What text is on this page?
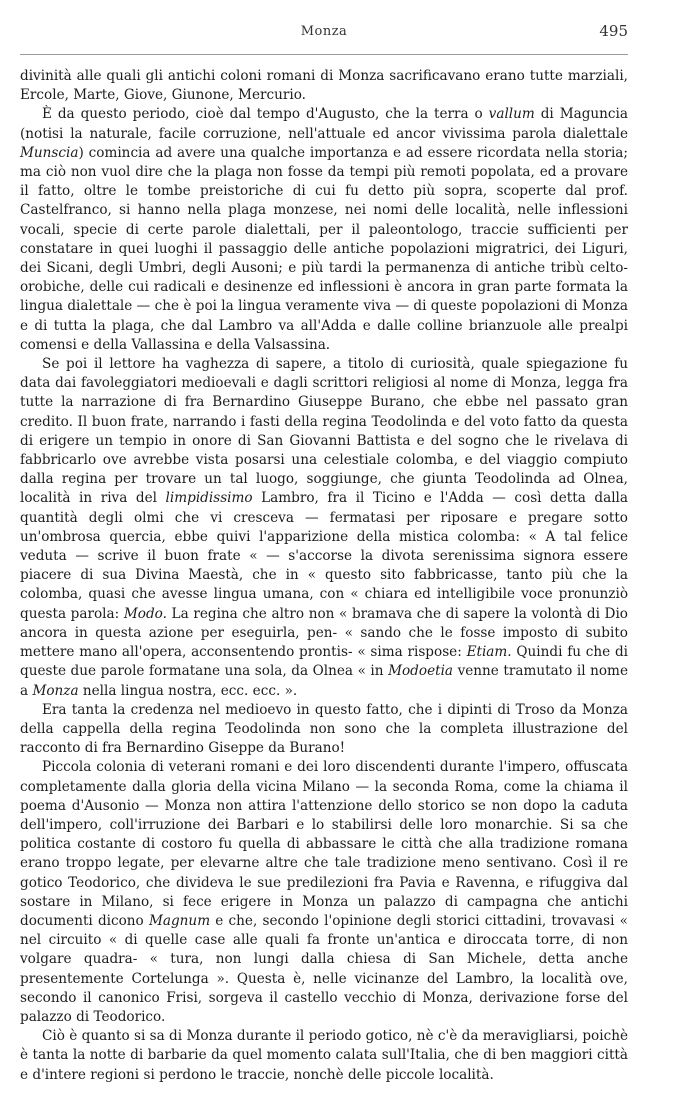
Monza	495

divinità alle quali gli antichi coloni romani di Monza sacrificavano erano tutte marziali, Ercole, Marte, Giove, Giunone, Mercurio.

È da questo periodo, cioè dal tempo d'Augusto, che la terra o vallum di Maguncia (notisi la naturale, facile corruzione, nell'attuale ed ancor vivissima parola dialettale Munscia) comincia ad avere una qualche importanza e ad essere ricordata nella storia; ma ciò non vuol dire che la plaga non fosse da tempi più remoti popolata, ed a provare il fatto, oltre le tombe preistoriche di cui fu detto più sopra, scoperte dal prof. Castelfranco, si hanno nella plaga monzese, nei nomi delle località, nelle inflessioni vocali, specie di certe parole dialettali, per il paleontologo, traccie sufficienti per constatare in quei luoghi il passaggio delle antiche popolazioni migratrici, dei Liguri, dei Sicani, degli Umbri, degli Ausoni; e più tardi la permanenza di antiche tribù celto-orobiche, delle cui radicali e desinenze ed inflessioni è ancora in gran parte formata la lingua dialettale — che è poi la lingua veramente viva — di queste popolazioni di Monza e di tutta la plaga, che dal Lambro va all'Adda e dalle colline brianzuole alle prealpi comensi e della Vallassina e della Valsassina.

Se poi il lettore ha vaghezza di sapere, a titolo di curiosità, quale spiegazione fu data dai favoleggiatori medioevali e dagli scrittori religiosi al nome di Monza, legga fra tutte la narrazione di fra Bernardino Giuseppe Burano, che ebbe nel passato gran credito. Il buon frate, narrando i fasti della regina Teodolinda e del voto fatto da questa di erigere un tempio in onore di San Giovanni Battista e del sogno che le rivelava di fabbricarlo ove avrebbe vista posarsi una celestiale colomba, e del viaggio compiuto dalla regina per trovare un tal luogo, soggiunge, che giunta Teodolinda ad Olnea, località in riva del limpidissimo Lambro, fra il Ticino e l'Adda — così detta dalla quantità degli olmi che vi cresceva — fermatasi per riposare e pregare sotto un'ombrosa quercia, ebbe quivi l'apparizione della mistica colomba: « A tal felice veduta — scrive il buon frate « — s'accorse la divota serenissima signora essere piacere di sua Divina Maestà, che in « questo sito fabbricasse, tanto più che la colomba, quasi che avesse lingua umana, con « chiara ed intelligibile voce pronunziò questa parola: Modo. La regina che altro non « bramava che di sapere la volontà di Dio ancora in questa azione per eseguirla, pen- « sando che le fosse imposto di subito mettere mano all'opera, acconsentendo prontis- « sima rispose: Etiam. Quindi fu che di queste due parole formatane una sola, da Olnea « in Modoetia venne tramutato il nome a Monza nella lingua nostra, ecc. ecc. ».

Era tanta la credenza nel medioevo in questo fatto, che i dipinti di Troso da Monza della cappella della regina Teodolinda non sono che la completa illustrazione del racconto di fra Bernardino Giseppe da Burano!

Piccola colonia di veterani romani e dei loro discendenti durante l'impero, offuscata completamente dalla gloria della vicina Milano — la seconda Roma, come la chiama il poema d'Ausonio — Monza non attira l'attenzione dello storico se non dopo la caduta dell'impero, coll'irruzione dei Barbari e lo stabilirsi delle loro monarchie. Si sa che politica costante di costoro fu quella di abbassare le città che alla tradizione romana erano troppo legate, per elevarne altre che tale tradizione meno sentivano. Così il re gotico Teodorico, che divideva le sue predilezioni fra Pavia e Ravenna, e rifuggiva dal sostare in Milano, si fece erigere in Monza un palazzo di campagna che antichi documenti dicono Magnum e che, secondo l'opinione degli storici cittadini, trovavasi « nel circuito « di quelle case alle quali fa fronte un'antica e diroccata torre, di non volgare quadra- « tura, non lungi dalla chiesa di San Michele, detta anche presentemente Cortelunga ». Questa è, nelle vicinanze del Lambro, la località ove, secondo il canonico Frisi, sorgeva il castello vecchio di Monza, derivazione forse del palazzo di Teodorico.

Ciò è quanto si sa di Monza durante il periodo gotico, nè c'è da meravigliarsi, poichè è tanta la notte di barbarie da quel momento calata sull'Italia, che di ben maggiori città e d'intere regioni si perdono le traccie, nonchè delle piccole località.
